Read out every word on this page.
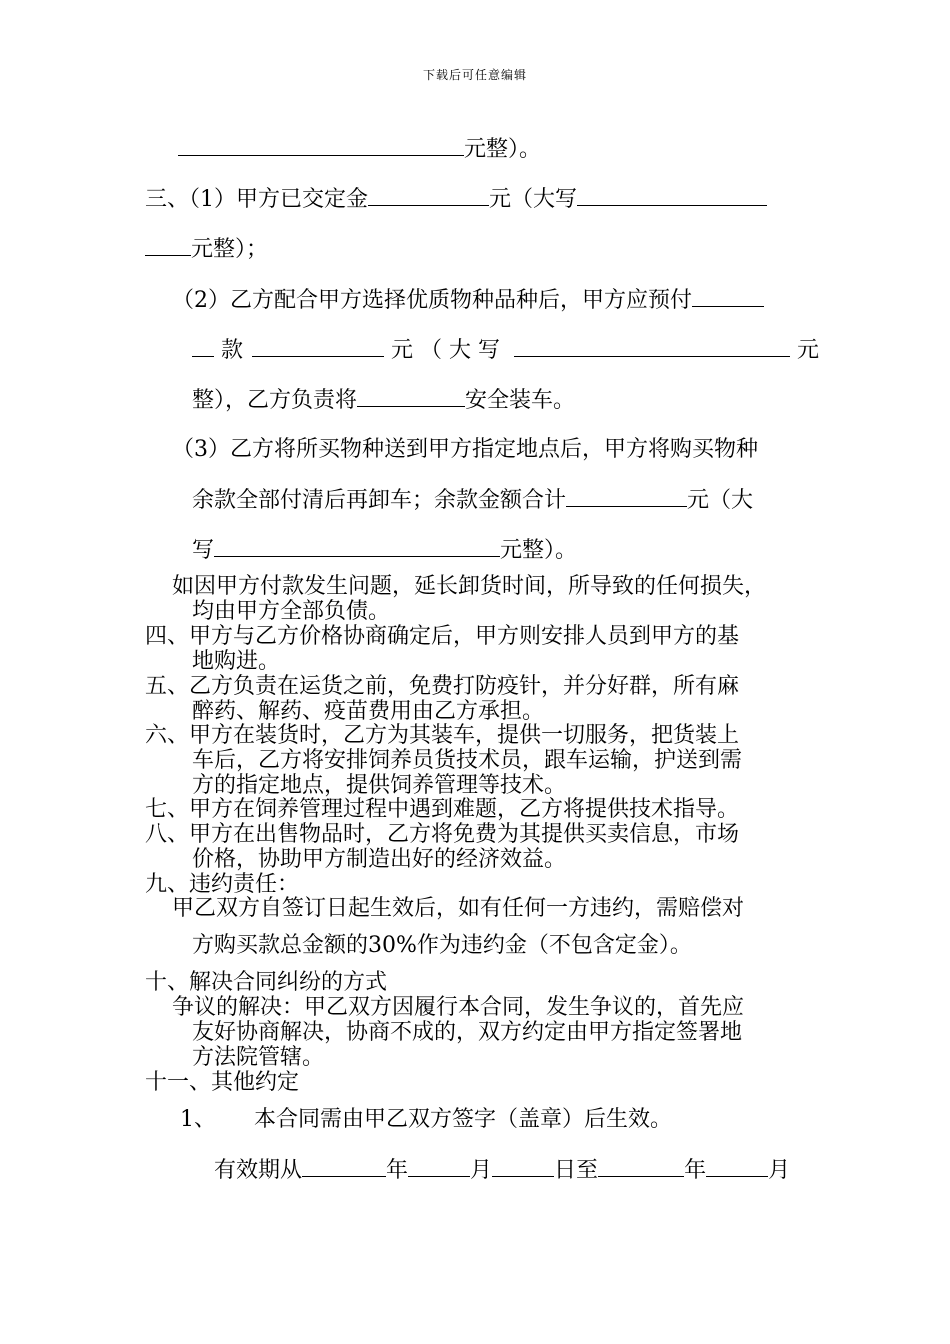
下载后可任意编辑
元整）。
三、（1）甲方已交定金	元（大写
元整）；
（2）乙方配合甲方选择优质物种品种后，甲方应预付
款	元（大写	元
整），乙方负责将	安全装车。
（3）乙方将所买物种送到甲方指定地点后，甲方将购买物种
余款全部付清后再卸车；余款金额合计	元（大
写	元整）。
如因甲方付款发生问题，延长卸货时间，所导致的任何损失，
均由甲方全部负债。
四、甲方与乙方价格协商确定后，甲方则安排人员到甲方的基
地购进。
五、乙方负责在运货之前，免费打防疫针，并分好群，所有麻
醉药、解药、疫苗费用由乙方承担。
六、甲方在装货时，乙方为其装车，提供一切服务，把货装上
车后，乙方将安排饲养员货技术员，跟车运输，护送到需
方的指定地点，提供饲养管理等技术。
七、甲方在饲养管理过程中遇到难题，乙方将提供技术指导。
八、甲方在出售物品时，乙方将免费为其提供买卖信息，市场
价格，协助甲方制造出好的经济效益。
九、违约责任：
甲乙双方自签订日起生效后，如有任何一方违约，需赔偿对
方购买款总金额的30%作为违约金（不包含定金）。
十、解决合同纠纷的方式
争议的解决：甲乙双方因履行本合同，发生争议的，首先应
友好协商解决，协商不成的，双方约定由甲方指定签署地
方法院管辖。
十一、其他约定
1、 本合同需由甲乙双方签字（盖章）后生效。
有效期从	年	月	日至	年	月
